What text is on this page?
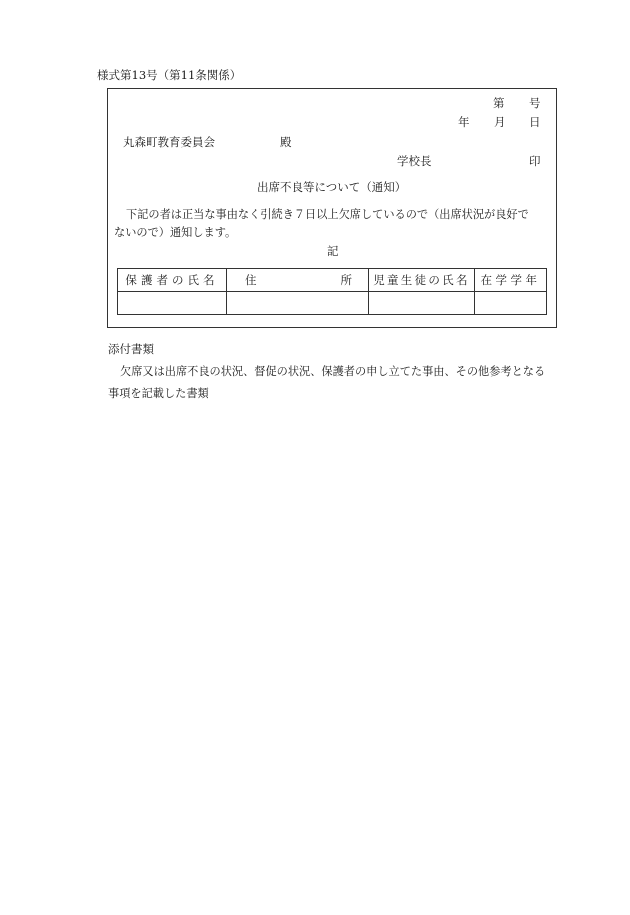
様式第13号（第11条関係）
第 号
年 月 日
丸森町教育委員会	殿
学校長	印
出席不良等について（通知）
下記の者は正当な事由なく引続き７日以上欠席しているので（出席状況が良好で
ないので）通知します。
記
保護者の氏名	住 所	児童生徒の氏名	在学学年

添付書類
欠席又は出席不良の状況、督促の状況、保護者の申し立てた事由、その他参考となる
事項を記載した書類
